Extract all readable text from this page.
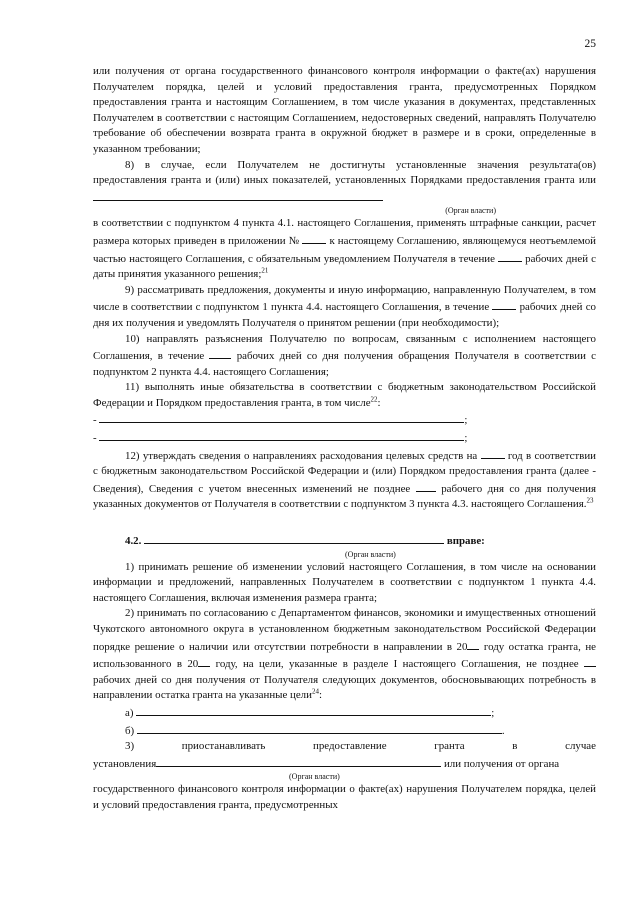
25

или получения от органа государственного финансового контроля информации о факте(ах) нарушения Получателем порядка, целей и условий предоставления гранта, предусмотренных Порядком предоставления гранта и настоящим Соглашением, в том числе указания в документах, представленных Получателем в соответствии с настоящим Соглашением, недостоверных сведений, направлять Получателю требование об обеспечении возврата гранта в окружной бюджет в размере и в сроки, определенные в указанном требовании;

8) в случае, если Получателем не достигнуты установленные значения результата(ов) предоставления гранта и (или) иных показателей, установленных Порядками предоставления гранта или

(Орган власти)

в соответствии с подпунктом 4 пункта 4.1. настоящего Соглашения, применять штрафные санкции, расчет размера которых приведен в приложении №	к настоящему Соглашению, являющемуся неотъемлемой частью настоящего Соглашения, с обязательным уведомлением Получателя в течение	рабочих дней с даты принятия указанного решения;$^{21}$

9) рассматривать предложения, документы и иную информацию, направленную Получателем, в том числе в соответствии с подпунктом 1 пункта 4.4. настоящего Соглашения, в течение	рабочих дней со дня их получения и уведомлять Получателя о принятом решении (при необходимости);

10) направлять разъяснения Получателю по вопросам, связанным с исполнением настоящего Соглашения, в течение	рабочих дней со дня получения обращения Получателя в соответствии с подпунктом 2 пункта 4.4. настоящего Соглашения;

11) выполнять иные обязательства в соответствии с бюджетным законодательством Российской Федерации и Порядком предоставления гранта, в том числе$^{22}$:

-	;

-	;

12) утверждать сведения о направлениях расходования целевых средств на	год в соответствии с бюджетным законодательством Российской Федерации и (или) Порядком предоставления гранта (далее - Сведения), Сведения с учетом внесенных изменений не позднее	рабочего дня со дня получения указанных документов от Получателя в соответствии с подпунктом 3 пункта 4.3. настоящего Соглашения.$^{23}$

4.2.	вправе:

(Орган власти)

1) принимать решение об изменении условий настоящего Соглашения, в том числе на основании информации и предложений, направленных Получателем в соответствии с подпунктом 1 пункта 4.4. настоящего Соглашения, включая изменения размера гранта;

2) принимать по согласованию с Департаментом финансов, экономики и имущественных отношений Чукотского автономного округа в установленном бюджетным законодательством Российской Федерации порядке решение о наличии или отсутствии потребности в направлении в 20 году остатка гранта, не использованного в 20 году, на цели, указанные в разделе I настоящего Соглашения, не позднее  рабочих дней со дня получения от Получателя следующих документов, обосновывающих потребность в направлении остатка гранта на указанные цели$^{24}$:

а)	;

б)	.

3)	приостанавливать	предоставление	гранта	в	случае

установления	или получения от органа

(Орган власти)

государственного финансового контроля информации о факте(ах) нарушения Получателем порядка, целей и условий предоставления гранта, предусмотренных
